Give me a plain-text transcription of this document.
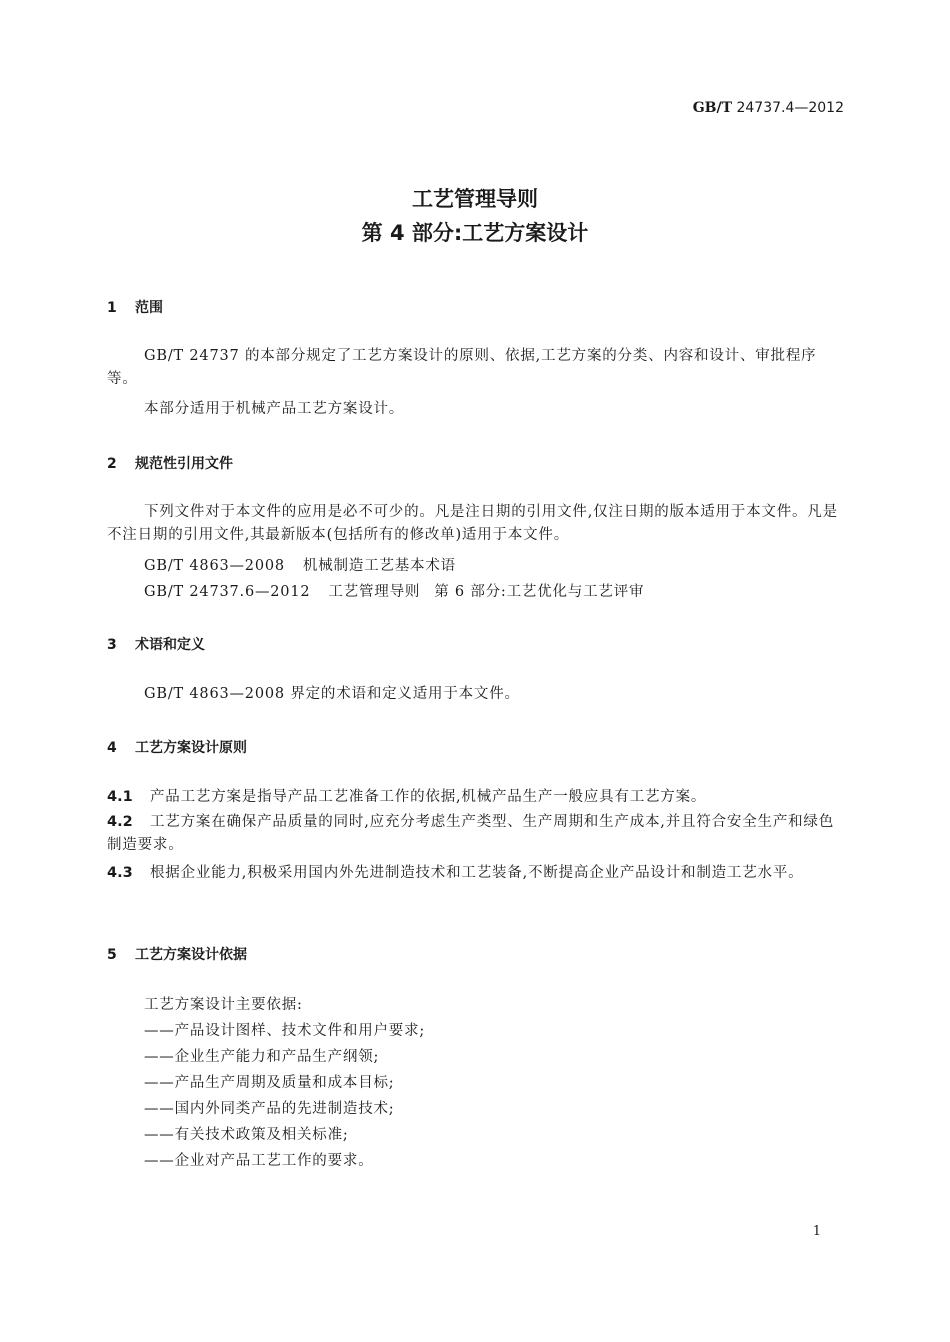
GB/T 24737.4—2012
工艺管理导则
第 4 部分:工艺方案设计
1 范围
GB/T 24737 的本部分规定了工艺方案设计的原则、依据,工艺方案的分类、内容和设计、审批程序等。
本部分适用于机械产品工艺方案设计。
2 规范性引用文件
下列文件对于本文件的应用是必不可少的。凡是注日期的引用文件,仅注日期的版本适用于本文件。凡是不注日期的引用文件,其最新版本(包括所有的修改单)适用于本文件。
GB/T 4863—2008 机械制造工艺基本术语
GB/T 24737.6—2012 工艺管理导则 第 6 部分:工艺优化与工艺评审
3 术语和定义
GB/T 4863—2008 界定的术语和定义适用于本文件。
4 工艺方案设计原则
4.1 产品工艺方案是指导产品工艺准备工作的依据,机械产品生产一般应具有工艺方案。
4.2 工艺方案在确保产品质量的同时,应充分考虑生产类型、生产周期和生产成本,并且符合安全生产和绿色制造要求。
4.3 根据企业能力,积极采用国内外先进制造技术和工艺装备,不断提高企业产品设计和制造工艺水平。
5 工艺方案设计依据
工艺方案设计主要依据:
——产品设计图样、技术文件和用户要求;
——企业生产能力和产品生产纲领;
——产品生产周期及质量和成本目标;
——国内外同类产品的先进制造技术;
——有关技术政策及相关标准;
——企业对产品工艺工作的要求。
1
